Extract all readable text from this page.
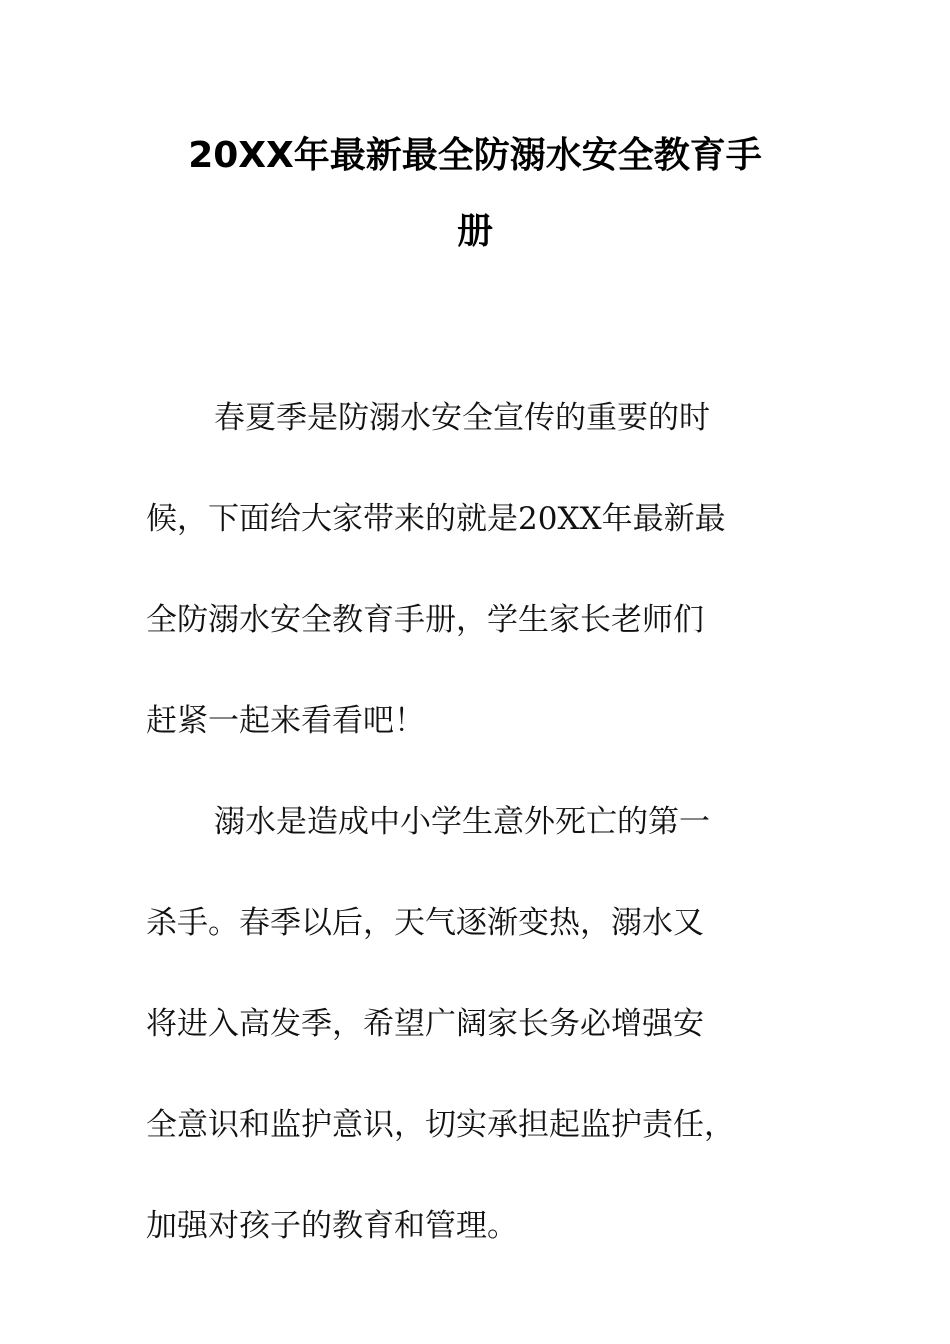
20XX年最新最全防溺水安全教育手
册

春夏季是防溺水安全宣传的重要的时
候，下面给大家带来的就是20XX年最新最
全防溺水安全教育手册，学生家长老师们
赶紧一起来看看吧！

溺水是造成中小学生意外死亡的第一
杀手。春季以后，天气逐渐变热，溺水又
将进入高发季，希望广阔家长务必增强安
全意识和监护意识，切实承担起监护责任，
加强对孩子的教育和管理。
